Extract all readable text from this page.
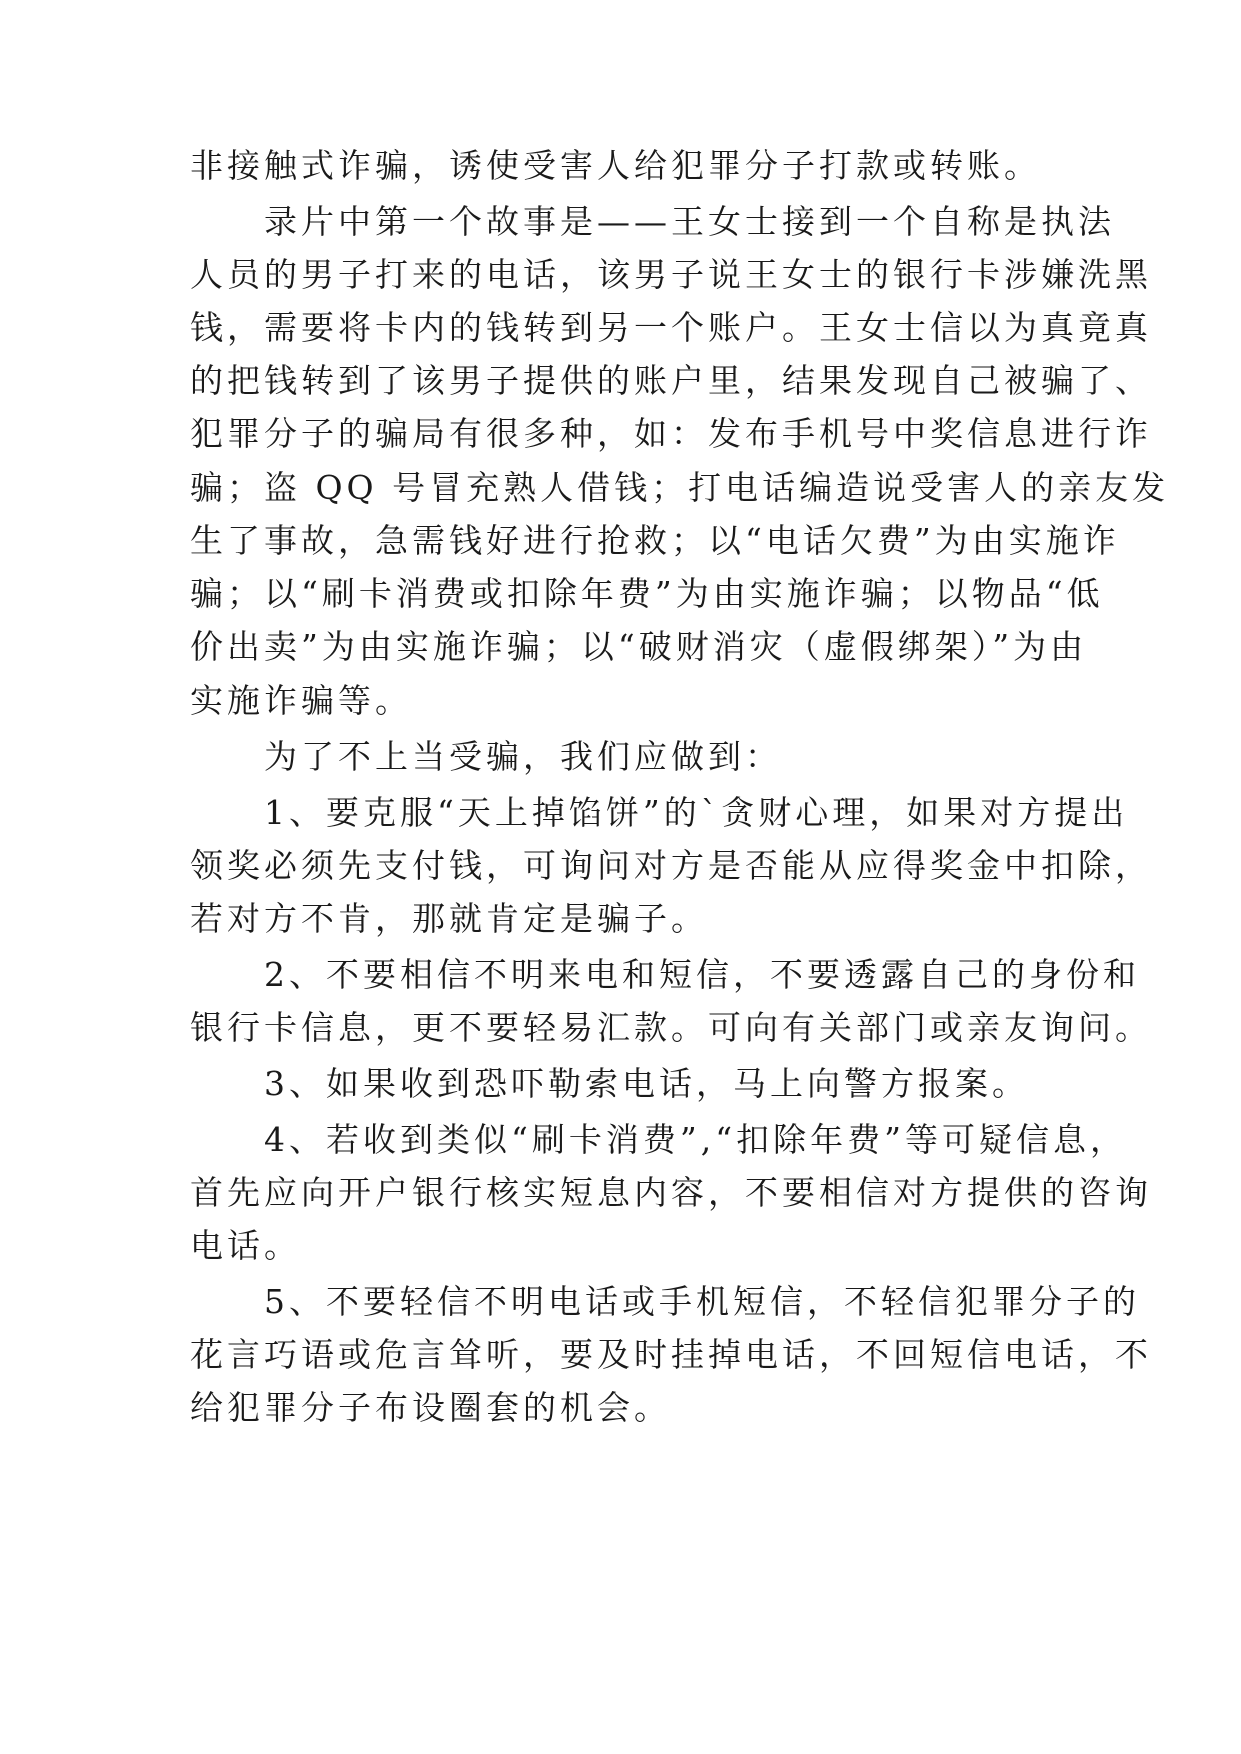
非接触式诈骗，诱使受害人给犯罪分子打款或转账。
　　录片中第一个故事是——王女士接到一个自称是执法
人员的男子打来的电话，该男子说王女士的银行卡涉嫌洗黑
钱，需要将卡内的钱转到另一个账户。王女士信以为真竟真
的把钱转到了该男子提供的账户里，结果发现自己被骗了、
犯罪分子的骗局有很多种，如：发布手机号中奖信息进行诈
骗；盗 QQ 号冒充熟人借钱；打电话编造说受害人的亲友发
生了事故，急需钱好进行抢救；以“电话欠费”为由实施诈
骗；以“刷卡消费或扣除年费”为由实施诈骗；以物品“低
价出卖”为由实施诈骗；以“破财消灾（虚假绑架）”为由
实施诈骗等。
　　为了不上当受骗，我们应做到：
　　1、要克服“天上掉馅饼”的`贪财心理，如果对方提出
领奖必须先支付钱，可询问对方是否能从应得奖金中扣除，
若对方不肯，那就肯定是骗子。
　　2、不要相信不明来电和短信，不要透露自己的身份和
银行卡信息，更不要轻易汇款。可向有关部门或亲友询问。
　　3、如果收到恐吓勒索电话，马上向警方报案。
　　4、若收到类似“刷卡消费”,“扣除年费”等可疑信息，
首先应向开户银行核实短息内容，不要相信对方提供的咨询
电话。
　　5、不要轻信不明电话或手机短信，不轻信犯罪分子的
花言巧语或危言耸听，要及时挂掉电话，不回短信电话，不
给犯罪分子布设圈套的机会。
